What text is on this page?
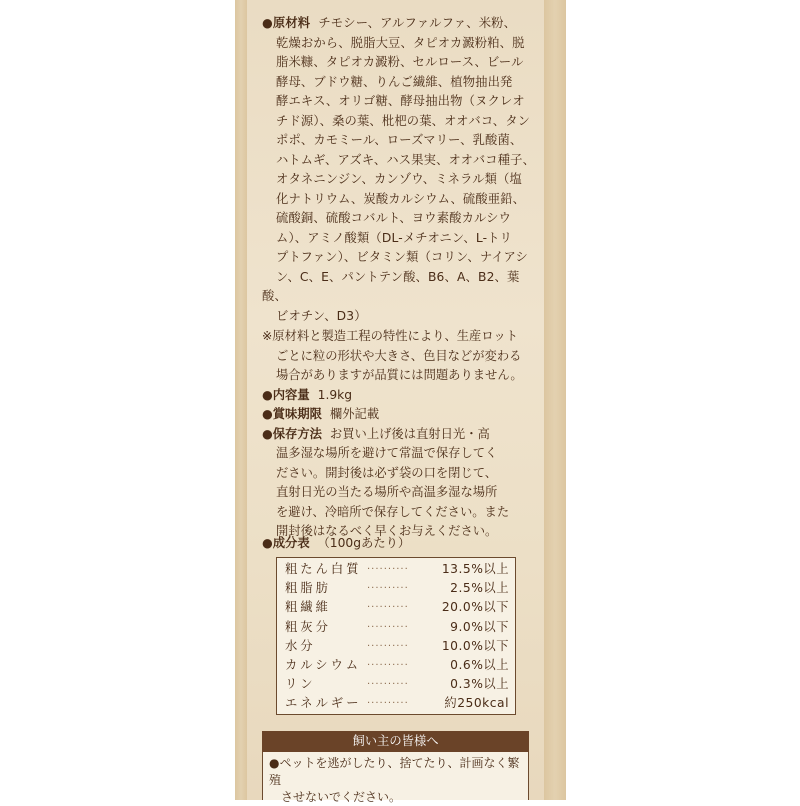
●原材料 チモシー、アルファルファ、米粉、
乾燥おから、脱脂大豆、タピオカ澱粉粕、脱
脂米糠、タピオカ澱粉、セルロース、ビール
酵母、ブドウ糖、りんご繊維、植物抽出発
酵エキス、オリゴ糖、酵母抽出物（ヌクレオ
チド源）、桑の葉、枇杷の葉、オオバコ、タン
ポポ、カモミール、ローズマリー、乳酸菌、
ハトムギ、アズキ、ハス果実、オオバコ種子、
オタネニンジン、カンゾウ、ミネラル類（塩
化ナトリウム、炭酸カルシウム、硫酸亜鉛、
硫酸銅、硫酸コバルト、ヨウ素酸カルシウ
ム）、アミノ酸類（DL-メチオニン、L-トリ
プトファン）、ビタミン類（コリン、ナイアシ
ン、C、E、パントテン酸、B6、A、B2、葉酸、
ビオチン、D3）
※原材料と製造工程の特性により、生産ロット
ごとに粒の形状や大きさ、色目などが変わる
場合がありますが品質には問題ありません。
●内容量 1.9kg
●賞味期限 欄外記載
●保存方法 お買い上げ後は直射日光・高
温多湿な場所を避けて常温で保存してく
ださい。開封後は必ず袋の口を閉じて、
直射日光の当たる場所や高温多湿な場所
を避け、冷暗所で保存してください。また
開封後はなるべく早くお与えください。
●成分表 （100gあたり）
粗たん白質 ··········	13.5%以上
粗脂肪	··········	2.5%以上
粗繊維	··········	20.0%以下
粗灰分	··········	9.0%以下
水分	··········	10.0%以下
カルシウム ··········	0.6%以上
リン	··········	0.3%以上
エネルギー ··········	約250kcal
飼い主の皆様へ
●ペットを逃がしたり、捨てたり、計画なく繁殖
させないでください。
